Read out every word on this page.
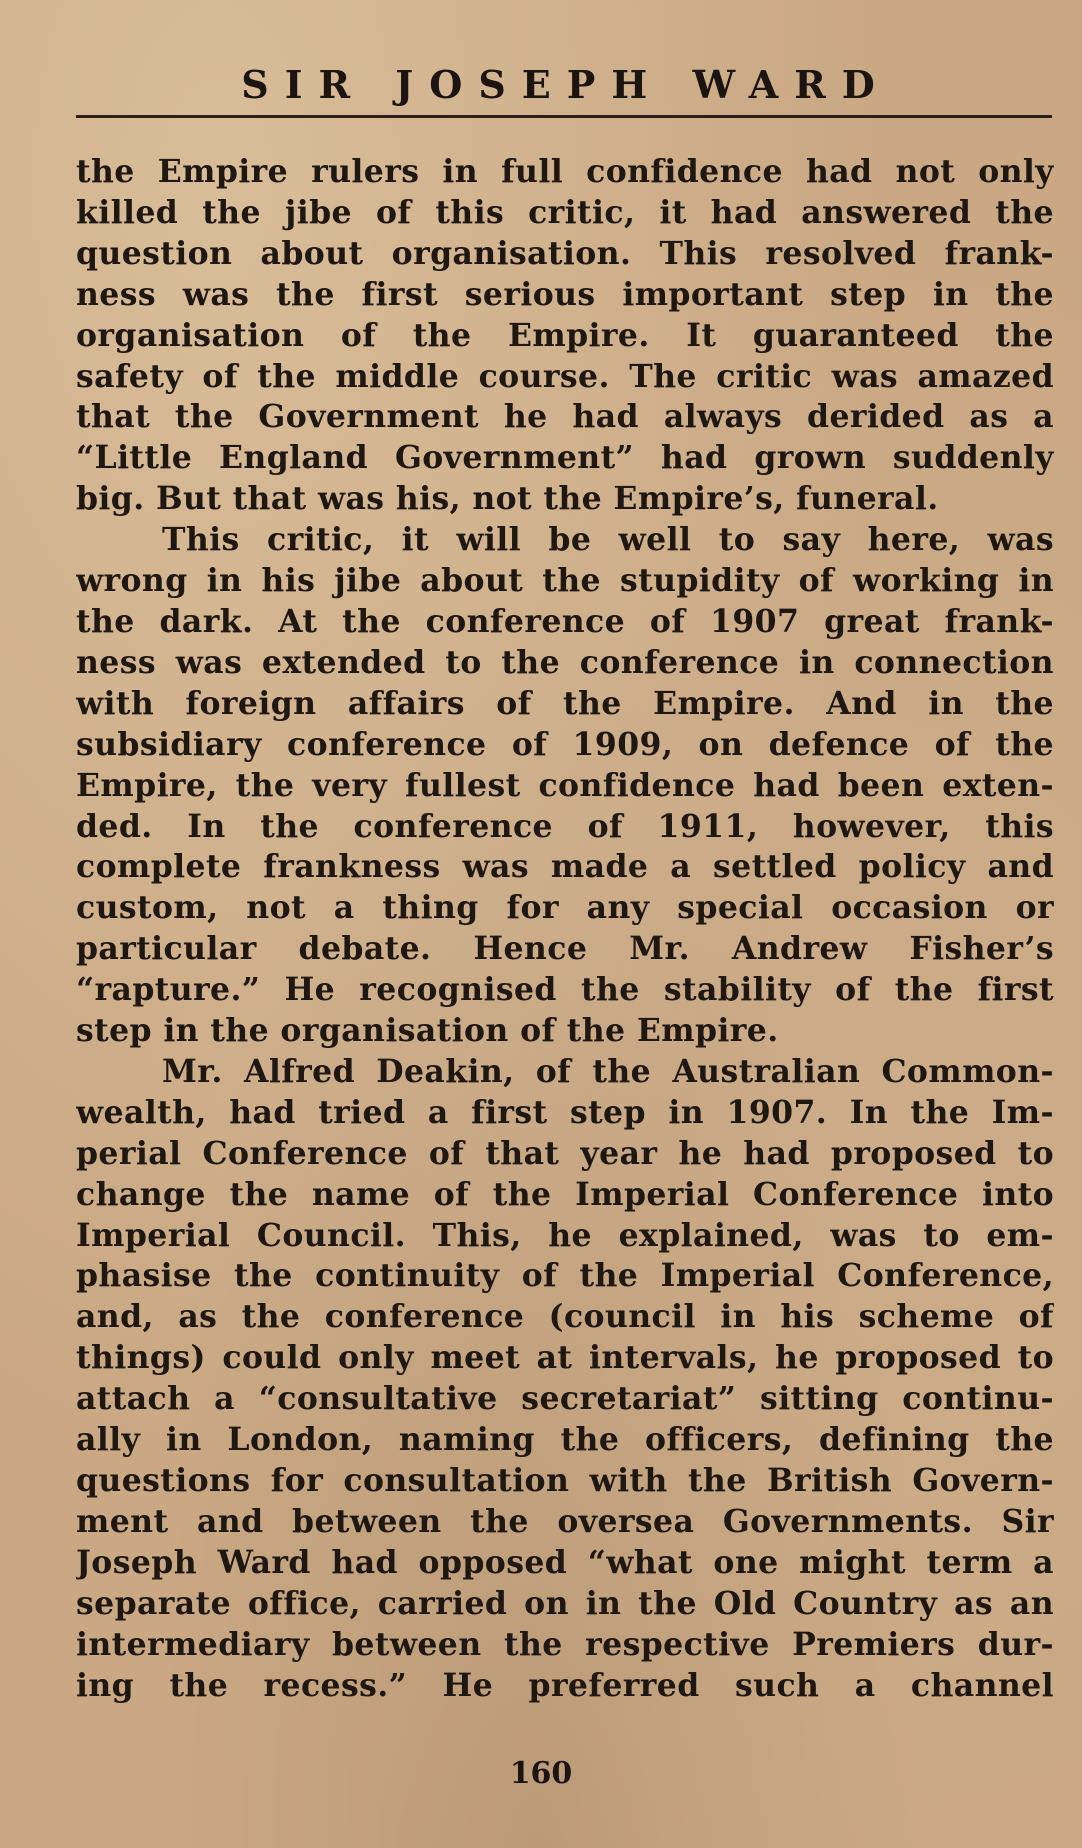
SIR JOSEPH WARD
the Empire rulers in full confidence had not only
killed the jibe of this critic, it had answered the
question about organisation. This resolved frank-
ness was the first serious important step in the
organisation of the Empire. It guaranteed the
safety of the middle course. The critic was amazed
that the Government he had always derided as a
“Little England Government” had grown suddenly
big. But that was his, not the Empire’s, funeral.
This critic, it will be well to say here, was
wrong in his jibe about the stupidity of working in
the dark. At the conference of 1907 great frank-
ness was extended to the conference in connection
with foreign affairs of the Empire. And in the
subsidiary conference of 1909, on defence of the
Empire, the very fullest confidence had been exten-
ded. In the conference of 1911, however, this
complete frankness was made a settled policy and
custom, not a thing for any special occasion or
particular debate. Hence Mr. Andrew Fisher’s
“rapture.” He recognised the stability of the first
step in the organisation of the Empire.
Mr. Alfred Deakin, of the Australian Common-
wealth, had tried a first step in 1907. In the Im-
perial Conference of that year he had proposed to
change the name of the Imperial Conference into
Imperial Council. This, he explained, was to em-
phasise the continuity of the Imperial Conference,
and, as the conference (council in his scheme of
things) could only meet at intervals, he proposed to
attach a “consultative secretariat” sitting continu-
ally in London, naming the officers, defining the
questions for consultation with the British Govern-
ment and between the oversea Governments. Sir
Joseph Ward had opposed “what one might term a
separate office, carried on in the Old Country as an
intermediary between the respective Premiers dur-
ing the recess.” He preferred such a channel

160
